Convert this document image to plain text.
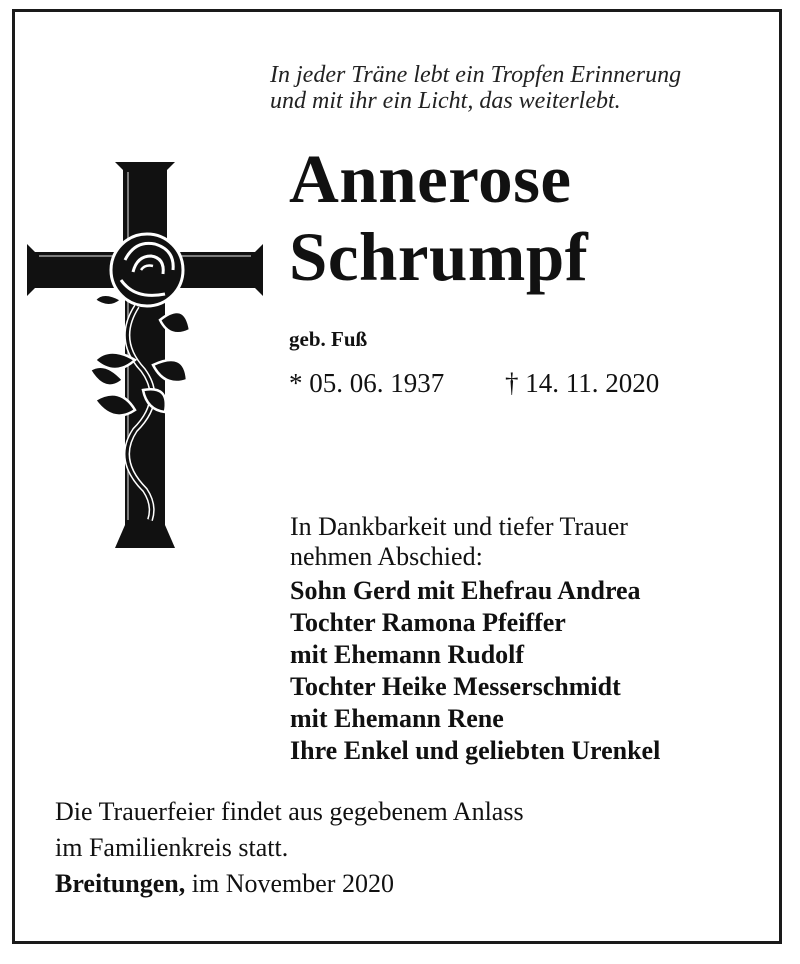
In jeder Träne lebt ein Tropfen Erinnerung
und mit ihr ein Licht, das weiterlebt.
Annerose
Schrumpf
geb. Fuß
* 05. 06. 1937 † 14. 11. 2020
In Dankbarkeit und tiefer Trauer
nehmen Abschied:
Sohn Gerd mit Ehefrau Andrea
Tochter Ramona Pfeiffer
mit Ehemann Rudolf
Tochter Heike Messerschmidt
mit Ehemann Rene
Ihre Enkel und geliebten Urenkel
Die Trauerfeier findet aus gegebenem Anlass
im Familienkreis statt.
Breitungen, im November 2020
